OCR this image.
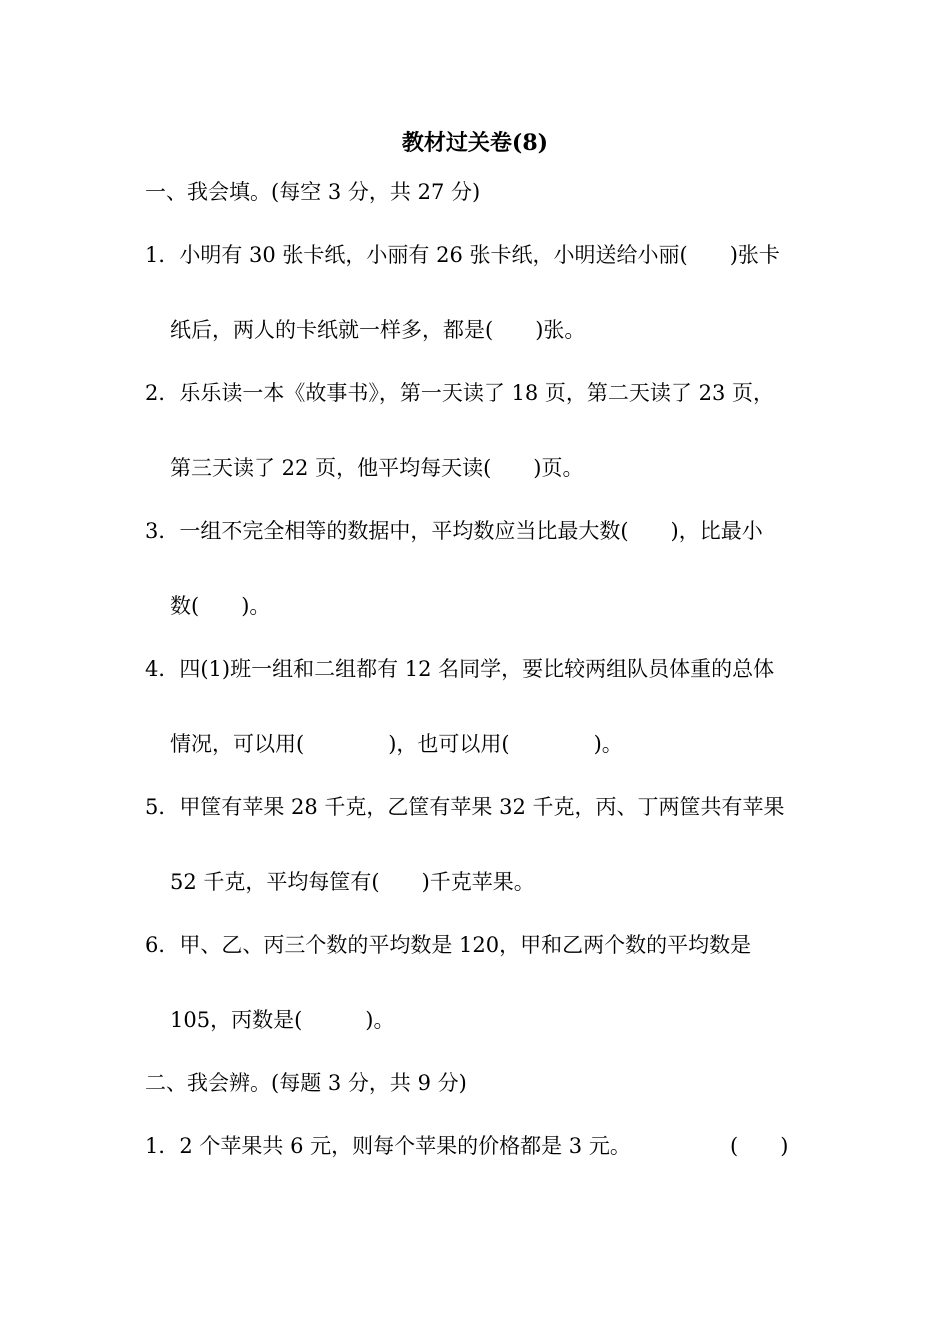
教材过关卷(8)
一、我会填。(每空 3 分，共 27 分)
1．小明有 30 张卡纸，小丽有 26 张卡纸，小明送给小丽(　　)张卡
纸后，两人的卡纸就一样多，都是(　　)张。
2．乐乐读一本《故事书》，第一天读了 18 页，第二天读了 23 页，
第三天读了 22 页，他平均每天读(　　)页。
3．一组不完全相等的数据中，平均数应当比最大数(　　)，比最小
数(　　)。
4．四(1)班一组和二组都有 12 名同学，要比较两组队员体重的总体
情况，可以用(　　　　)，也可以用(　　　　)。
5．甲筐有苹果 28 千克，乙筐有苹果 32 千克，丙、丁两筐共有苹果
52 千克，平均每筐有(　　)千克苹果。
6．甲、乙、丙三个数的平均数是 120，甲和乙两个数的平均数是
105，丙数是(　　　)。
二、我会辨。(每题 3 分，共 9 分)
1．2 个苹果共 6 元，则每个苹果的价格都是 3 元。	(　　)
